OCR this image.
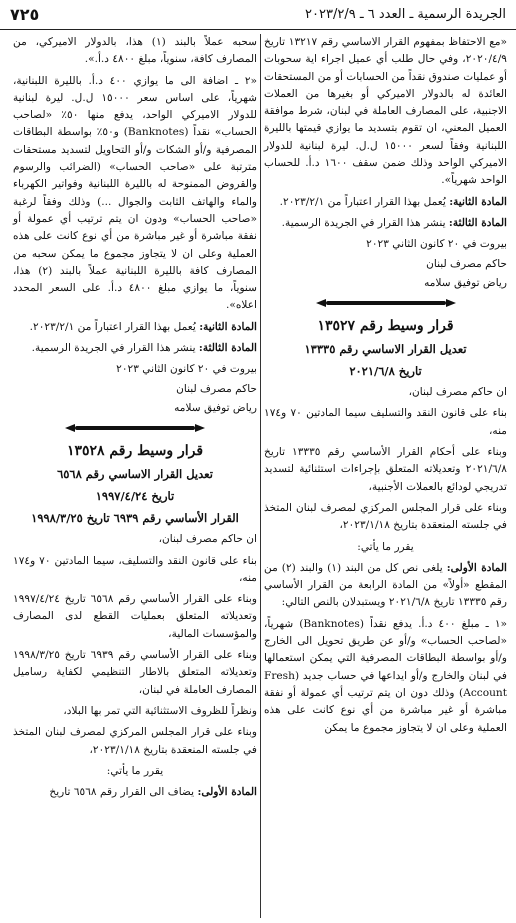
٧٢٥	الجريدة الرسمية ـ العدد ٦ ـ ٢٠٢٣/٢/٩

«مع الاحتفاظ بمفهوم القرار الاساسي رقم ١٣٢١٧ تاريخ ٢٠٢٠/٤/٩، وفي حال طلب أي عميل اجراء اية سحوبات أو عمليات صندوق نقداً من الحسابات أو من المستحقات العائدة له بالدولار الاميركي أو بغيرها من العملات الاجنبية، على المصارف العاملة في لبنان، شرط موافقة العميل المعني، ان تقوم بتسديد ما يوازي قيمتها بالليرة اللبنانية وفقاً لسعر ١٥٠٠٠ ل.ل. ليرة لبنانية للدولار الاميركي الواحد وذلك ضمن سقف ١٦٠٠ د.أ. للحساب الواحد شهرياً».

المادة الثانية: يُعمل بهذا القرار اعتباراً من ٢٠٢٣/٢/١.

المادة الثالثة: ينشر هذا القرار في الجريدة الرسمية.

بيروت في ٢٠ كانون الثاني ٢٠٢٣
حاكم مصرف لبنان
رياض توفيق سلامه

قرار وسيط رقم ١٣٥٢٧

تعديل القرار الاساسي رقم ١٣٣٣٥

تاريخ ٢٠٢١/٦/٨

ان حاكم مصرف لبنان،

بناء على قانون النقد والتسليف سيما المادتين ٧٠ و١٧٤ منه،

وبناء على أحكام القرار الأساسي رقم ١٣٣٣٥ تاريخ ٢٠٢١/٦/٨ وتعديلاته المتعلق بإجراءات استثنائية لتسديد تدريجي لودائع بالعملات الأجنبية،

وبناء على قرار المجلس المركزي لمصرف لبنان المتخذ في جلسته المنعقدة بتاريخ ٢٠٢٣/١/١٨،

يقرر ما يأتي:

المادة الأولى: يلغى نص كل من البند (١) والبند (٢) من المقطع «أولاً» من المادة الرابعة من القرار الأساسي رقم ١٣٣٣٥ تاريخ ٢٠٢١/٦/٨ ويستبدلان بالنص التالي:

«١ ـ مبلغ ٤٠٠ د.أ. يدفع نقداً (Banknotes) شهرياً، «لصاحب الحساب» و/أو عن طريق تحويل الى الخارج و/أو بواسطة البطاقات المصرفية التي يمكن استعمالها في لبنان والخارج و/أو ايداعها في حساب جديد (Fresh Account) وذلك دون ان يتم ترتيب أي عمولة أو نفقة مباشرة أو غير مباشرة من أي نوع كانت على هذه العملية وعلى ان لا يتجاوز مجموع ما يمكن

سحبه عملاً بالبند (١) هذا، بالدولار الاميركي، من المصارف كافة، سنوياً، مبلغ ٤٨٠٠ د.أ.».

«٢ ـ اضافة الى ما يوازي ٤٠٠ د.أ. بالليرة اللبنانية، شهرياً، على اساس سعر ١٥٠٠٠ ل.ل. ليرة لبنانية للدولار الاميركي الواحد، يدفع منها ٥٠٪ «لصاحب الحساب» نقداً (Banknotes) و٥٠٪ بواسطة البطاقات المصرفية و/أو الشكات و/أو التحاويل لتسديد مستحقات مترتبة على «صاحب الحساب» (الضرائب والرسوم والقروض الممنوحة له بالليرة اللبنانية وفواتير الكهرباء والماء والهاتف الثابت والجوال ...) وذلك وفقاً لرغبة «صاحب الحساب» ودون ان يتم ترتيب أي عمولة أو نفقة مباشرة أو غير مباشرة من أي نوع كانت على هذه العملية وعلى ان لا يتجاوز مجموع ما يمكن سحبه من المصارف كافة بالليرة اللبنانية عملاً بالبند (٢) هذا، سنوياً، ما يوازي مبلغ ٤٨٠٠ د.أ. على السعر المحدد اعلاه».

المادة الثانية: يُعمل بهذا القرار اعتباراً من ٢٠٢٣/٢/١.

المادة الثالثة: ينشر هذا القرار في الجريدة الرسمية.

بيروت في ٢٠ كانون الثاني ٢٠٢٣
حاكم مصرف لبنان
رياض توفيق سلامه

قرار وسيط رقم ١٣٥٢٨

تعديل القرار الاساسي رقم ٦٥٦٨

تاريخ ١٩٩٧/٤/٢٤

القرار الأساسي رقم ٦٩٣٩ تاريخ ١٩٩٨/٣/٢٥

ان حاكم مصرف لبنان،

بناء على قانون النقد والتسليف، سيما المادتين ٧٠ و١٧٤ منه،

وبناء على القرار الأساسي رقم ٦٥٦٨ تاريخ ١٩٩٧/٤/٢٤ وتعديلاته المتعلق بعمليات القطع لدى المصارف والمؤسسات المالية،

وبناء على القرار الأساسي رقم ٦٩٣٩ تاريخ ١٩٩٨/٣/٢٥ وتعديلاته المتعلق بالاطار التنظيمي لكفاية رساميل المصارف العاملة في لبنان،

ونظراً للظروف الاستثنائية التي تمر بها البلاد،

وبناء على قرار المجلس المركزي لمصرف لبنان المتخذ في جلسته المنعقدة بتاريخ ٢٠٢٣/١/١٨،

يقرر ما يأتي:

المادة الأولى: يضاف الى القرار رقم ٦٥٦٨ تاريخ
